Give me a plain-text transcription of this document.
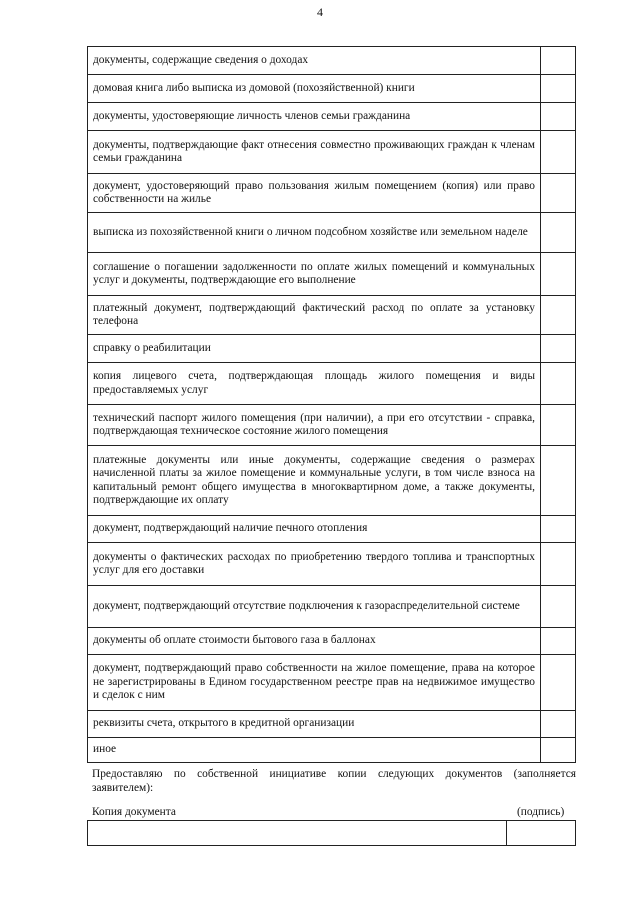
4
документы, содержащие сведения о доходах	
домовая книга либо выписка из домовой (похозяйственной) книги	
документы, удостоверяющие личность членов семьи гражданина	
документы, подтверждающие факт отнесения совместно проживающих граждан к членам семьи гражданина	
документ, удостоверяющий право пользования жилым помещением (копия) или право собственности на жилье	
выписка из похозяйственной книги о личном подсобном хозяйстве или земельном наделе	
соглашение о погашении задолженности по оплате жилых помещений и коммунальных услуг и документы, подтверждающие его выполнение	
платежный документ, подтверждающий фактический расход по оплате за установку телефона	
справку о реабилитации	
копия лицевого счета, подтверждающая площадь жилого помещения и виды предоставляемых услуг	
технический паспорт жилого помещения (при наличии), а при его отсутствии - справка, подтверждающая техническое состояние жилого помещения	
платежные документы или иные документы, содержащие сведения о размерах начисленной платы за жилое помещение и коммунальные услуги, в том числе взноса на капитальный ремонт общего имущества в многоквартирном доме, а также документы, подтверждающие их оплату	
документ, подтверждающий наличие печного отопления	
документы о фактических расходах по приобретению твердого топлива и транспортных услуг для его доставки	
документ, подтверждающий отсутствие подключения к газораспределительной системе	
документы об оплате стоимости бытового газа в баллонах	
документ, подтверждающий право собственности на жилое помещение, права на которое не зарегистрированы в Едином государственном реестре прав на недвижимое имущество и сделок с ним	
реквизиты счета, открытого в кредитной организации	
иное	
Предоставляю по собственной инициативе копии следующих документов (заполняется заявителем):
Копия документа	(подпись)
